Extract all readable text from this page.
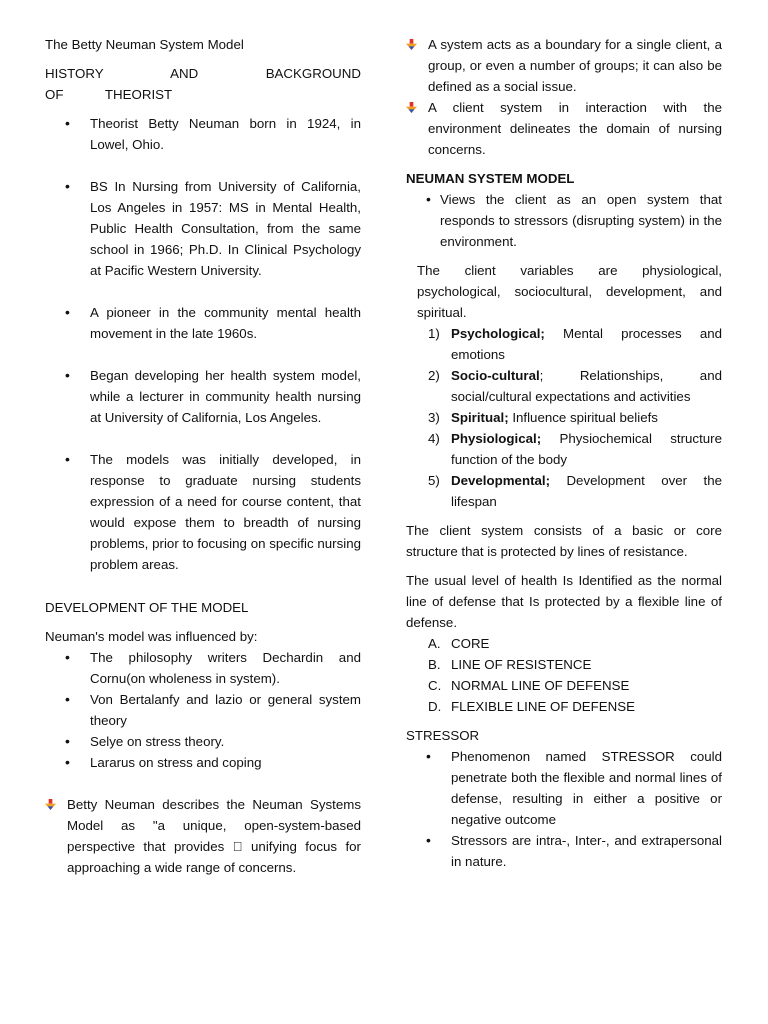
The Betty Neuman System Model

HISTORY AND BACKGROUND OF THEORIST

• Theorist Betty Neuman born in 1924, in Lowel, Ohio.
• BS In Nursing from University of California, Los Angeles in 1957: MS in Mental Health, Public Health Consultation, from the same school in 1966; Ph.D. In Clinical Psychology at Pacific Western University.
• A pioneer in the community mental health movement in the late 1960s.
• Began developing her health system model, while a lecturer in community health nursing at University of California, Los Angeles.
• The models was initially developed, in response to graduate nursing students expression of a need for course content, that would expose them to breadth of nursing problems, prior to focusing on specific nursing problem areas.

DEVELOPMENT OF THE MODEL

Neuman's model was influenced by:

• The philosophy writers Dechardin and Cornu(on wholeness in system).
• Von Bertalanfy and lazio or general system theory
• Selye on stress theory.
• Lararus on stress and coping
Betty Neuman describes the Neuman Systems Model as "a unique, open-system-based perspective that provides unifying focus for approaching a wide range of concerns.
A system acts as a boundary for a single client, a group, or even a number of groups; it can also be defined as a social issue.
A client system in interaction with the environment delineates the domain of nursing concerns.

NEUMAN SYSTEM MODEL

• Views the client as an open system that responds to stressors (disrupting system) in the environment.

The client variables are physiological, psychological, sociocultural, development, and spiritual.

1) Psychological; Mental processes and emotions
2) Socio-cultural; Relationships, and social/cultural expectations and activities
3) Spiritual; Influence spiritual beliefs
4) Physiological; Physiochemical structure function of the body
5) Developmental; Development over the lifespan

The client system consists of a basic or core structure that is protected by lines of resistance.

The usual level of health Is Identified as the normal line of defense that Is protected by a flexible line of defense.

A. CORE
B. LINE OF RESISTENCE
C. NORMAL LINE OF DEFENSE
D. FLEXIBLE LINE OF DEFENSE

STRESSOR

• Phenomenon named STRESSOR could penetrate both the flexible and normal lines of defense, resulting in either a positive or negative outcome
• Stressors are intra-, Inter-, and extrapersonal in nature.
